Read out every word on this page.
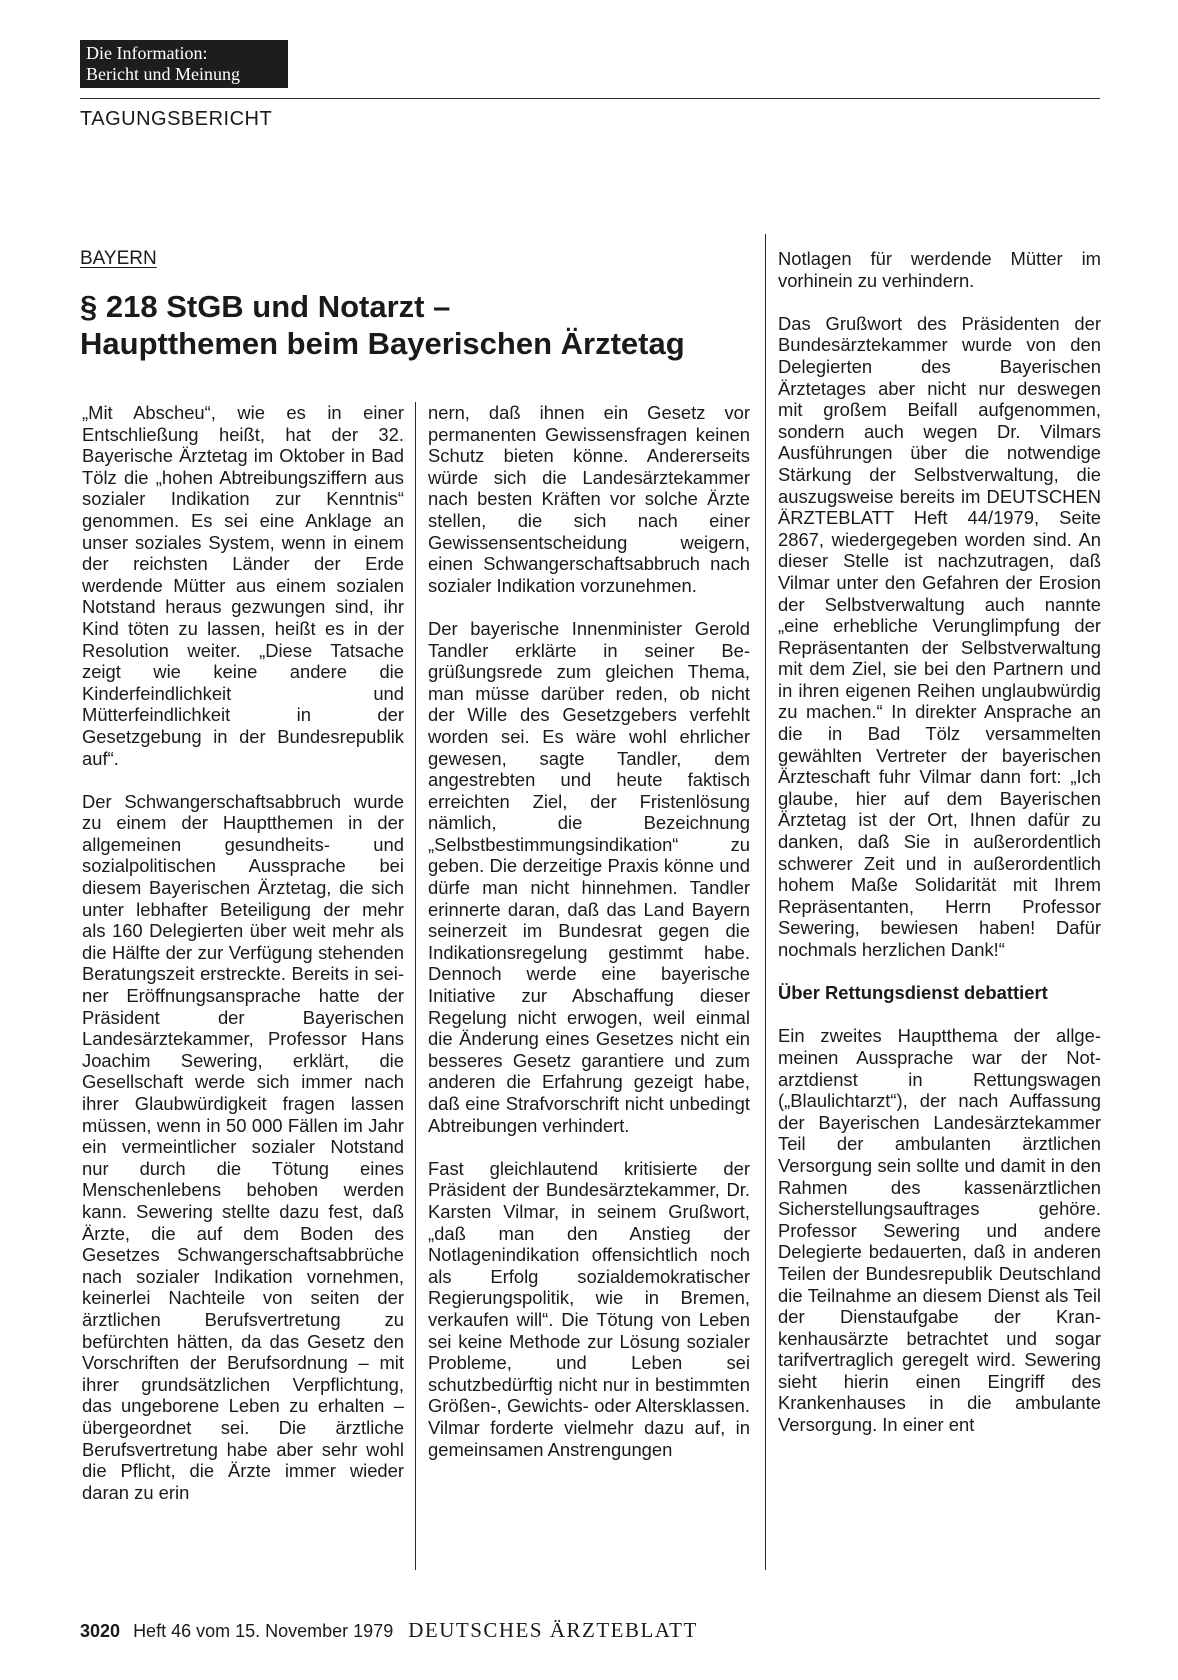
Die Information:
Bericht und Meinung
TAGUNGSBERICHT
BAYERN
§ 218 StGB und Notarzt –
Hauptthemen beim Bayerischen Ärztetag

„Mit Abscheu“, wie es in einer Entschließung heißt, hat der 32. Bayerische Ärztetag im Oktober in Bad Tölz die „hohen Abtreibungsziffern aus sozialer Indikation zur Kenntnis“ genommen. Es sei eine Anklage an unser soziales System, wenn in einem der reichsten Länder der Erde werdende Mütter aus einem sozialen Notstand heraus gezwungen sind, ihr Kind töten zu lassen, heißt es in der Resolution weiter. „Diese Tatsache zeigt wie keine andere die Kinderfeindlichkeit und Mütterfeindlichkeit in der Gesetzgebung in der Bundesrepublik auf“.

Der Schwangerschaftsabbruch wurde zu einem der Hauptthemen in der allgemeinen gesundheits- und sozialpolitischen Aussprache bei diesem Bayerischen Ärztetag, die sich unter lebhafter Beteiligung der mehr als 160 Delegierten über weit mehr als die Hälfte der zur Verfügung stehenden Beratungszeit erstreckte. Bereits in seiner Eröffnungsansprache hatte der Präsident der Bayerischen Landesärztekammer, Professor Hans Joachim Sewering, erklärt, die Gesellschaft werde sich immer nach ihrer Glaubwürdigkeit fragen lassen müssen, wenn in 50 000 Fällen im Jahr ein vermeintlicher sozialer Notstand nur durch die Tötung eines Menschenlebens behoben werden kann. Sewering stellte dazu fest, daß Ärzte, die auf dem Boden des Gesetzes Schwangerschaftsabbrüche nach sozialer Indikation vornehmen, keinerlei Nachteile von seiten der ärztlichen Berufsvertretung zu befürchten hätten, da das Gesetz den Vorschriften der Berufsordnung – mit ihrer grundsätzlichen Verpflichtung, das ungeborene Leben zu erhalten – übergeordnet sei. Die ärztliche Berufsvertretung habe aber sehr wohl die Pflicht, die Ärzte immer wieder daran zu erin

nern, daß ihnen ein Gesetz vor permanenten Gewissensfragen keinen Schutz bieten könne. Andererseits würde sich die Landesärztekammer nach besten Kräften vor solche Ärzte stellen, die sich nach einer Gewissensentscheidung weigern, einen Schwangerschaftsabbruch nach sozialer Indikation vorzunehmen.

Der bayerische Innenminister Gerold Tandler erklärte in seiner Begrüßungsrede zum gleichen Thema, man müsse darüber reden, ob nicht der Wille des Gesetzgebers verfehlt worden sei. Es wäre wohl ehrlicher gewesen, sagte Tandler, dem angestrebten und heute faktisch erreichten Ziel, der Fristenlösung nämlich, die Bezeichnung „Selbstbestimmungsindikation“ zu geben. Die derzeitige Praxis könne und dürfe man nicht hinnehmen. Tandler erinnerte daran, daß das Land Bayern seinerzeit im Bundesrat gegen die Indikationsregelung gestimmt habe. Dennoch werde eine bayerische Initiative zur Abschaffung dieser Regelung nicht erwogen, weil einmal die Änderung eines Gesetzes nicht ein besseres Gesetz garantiere und zum anderen die Erfahrung gezeigt habe, daß eine Strafvorschrift nicht unbedingt Abtreibungen verhindert.

Fast gleichlautend kritisierte der Präsident der Bundesärztekammer, Dr. Karsten Vilmar, in seinem Grußwort, „daß man den Anstieg der Notlagenindikation offensichtlich noch als Erfolg sozialdemokratischer Regierungspolitik, wie in Bremen, verkaufen will“. Die Tötung von Leben sei keine Methode zur Lösung sozialer Probleme, und Leben sei schutzbedürftig nicht nur in bestimmten Größen-, Gewichts- oder Altersklassen. Vilmar forderte vielmehr dazu auf, in gemeinsamen Anstrengungen

Notlagen für werdende Mütter im vorhinein zu verhindern.

Das Grußwort des Präsidenten der Bundesärztekammer wurde von den Delegierten des Bayerischen Ärztetages aber nicht nur deswegen mit großem Beifall aufgenommen, sondern auch wegen Dr. Vilmars Ausführungen über die notwendige Stärkung der Selbstverwaltung, die auszugsweise bereits im DEUTSCHEN ÄRZTEBLATT Heft 44/1979, Seite 2867, wiedergegeben worden sind. An dieser Stelle ist nachzutragen, daß Vilmar unter den Gefahren der Erosion der Selbstverwaltung auch nannte „eine erhebliche Verunglimpfung der Repräsentanten der Selbstverwaltung mit dem Ziel, sie bei den Partnern und in ihren eigenen Reihen unglaubwürdig zu machen.“ In direkter Ansprache an die in Bad Tölz versammelten gewählten Vertreter der bayerischen Ärzteschaft fuhr Vilmar dann fort: „Ich glaube, hier auf dem Bayerischen Ärztetag ist der Ort, Ihnen dafür zu danken, daß Sie in außerordentlich schwerer Zeit und in außerordentlich hohem Maße Solidarität mit Ihrem Repräsentanten, Herrn Professor Sewering, bewiesen haben! Dafür nochmals herzlichen Dank!“

Über Rettungsdienst debattiert

Ein zweites Hauptthema der allgemeinen Aussprache war der Notarztdienst in Rettungswagen („Blaulichtarzt“), der nach Auffassung der Bayerischen Landesärztekammer Teil der ambulanten ärztlichen Versorgung sein sollte und damit in den Rahmen des kassenärztlichen Sicherstellungsauftrages gehöre. Professor Sewering und andere Delegierte bedauerten, daß in anderen Teilen der Bundesrepublik Deutschland die Teilnahme an diesem Dienst als Teil der Dienstaufgabe der Krankenhausärzte betrachtet und sogar tarifvertraglich geregelt wird. Sewering sieht hierin einen Eingriff des Krankenhauses in die ambulante Versorgung. In einer ent

3020 Heft 46 vom 15. November 1979 DEUTSCHES ÄRZTEBLATT
